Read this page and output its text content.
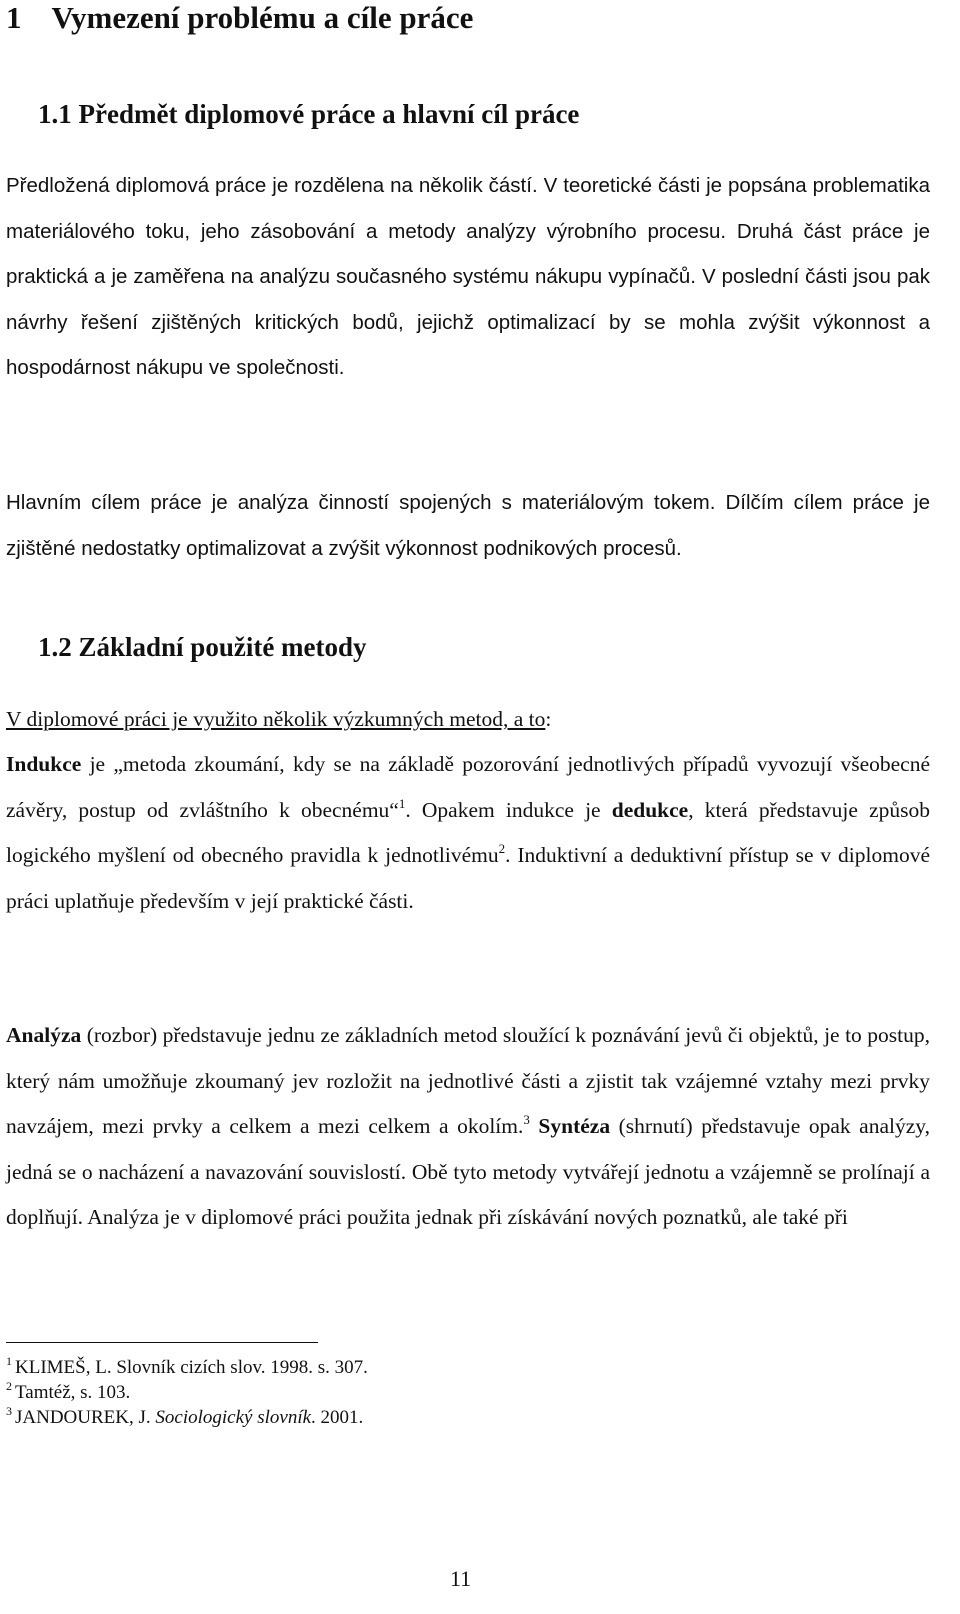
1 Vymezení problému a cíle práce
1.1 Předmět diplomové práce a hlavní cíl práce

Předložená diplomová práce je rozdělena na několik částí. V teoretické části je popsána problematika materiálového toku, jeho zásobování a metody analýzy výrobního procesu. Druhá část práce je praktická a je zaměřena na analýzu současného systému nákupu vypínačů. V poslední části jsou pak návrhy řešení zjištěných kritických bodů, jejichž optimalizací by se mohla zvýšit výkonnost a hospodárnost nákupu ve společnosti.

Hlavním cílem práce je analýza činností spojených s materiálovým tokem. Dílčím cílem práce je zjištěné nedostatky optimalizovat a zvýšit výkonnost podnikových procesů.

1.2 Základní použité metody

V diplomové práci je využito několik výzkumných metod, a to:

Indukce je „metoda zkoumání, kdy se na základě pozorování jednotlivých případů vyvozují všeobecné závěry, postup od zvláštního k obecnému“$^1$. Opakem indukce je dedukce, která představuje způsob logického myšlení od obecného pravidla k jednotlivému$^2$. Induktivní a deduktivní přístup se v diplomové práci uplatňuje především v její praktické části.

Analýza (rozbor) představuje jednu ze základních metod sloužící k poznávání jevů či objektů, je to postup, který nám umožňuje zkoumaný jev rozložit na jednotlivé části a zjistit tak vzájemné vztahy mezi prvky navzájem, mezi prvky a celkem a mezi celkem a okolím.$^3$ Syntéza (shrnutí) představuje opak analýzy, jedná se o nacházení a navazování souvislostí. Obě tyto metody vytvářejí jednotu a vzájemně se prolínají a doplňují. Analýza je v diplomové práci použita jednak při získávání nových poznatků, ale také při

$^1$ KLIMEŠ, L. Slovník cizích slov. 1998. s. 307.

$^2$ Tamtéž, s. 103.

$^3$ JANDOUREK, J. Sociologický slovník. 2001.

11
